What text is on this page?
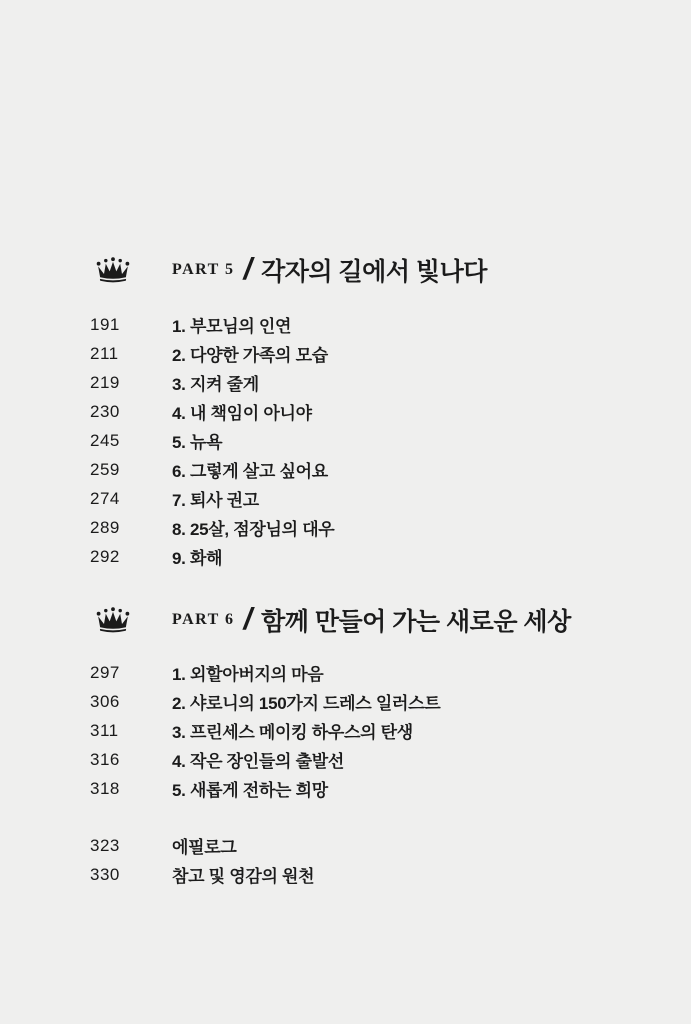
PART 5 / 각자의 길에서 빛나다
191	1. 부모님의 인연
211	2. 다양한 가족의 모습
219	3. 지켜 줄게
230	4. 내 책임이 아니야
245	5. 뉴욕
259	6. 그렇게 살고 싶어요
274	7. 퇴사 권고
289	8. 25살, 점장님의 대우
292	9. 화해
PART 6 / 함께 만들어 가는 새로운 세상
297	1. 외할아버지의 마음
306	2. 샤로니의 150가지 드레스 일러스트
311	3. 프린세스 메이킹 하우스의 탄생
316	4. 작은 장인들의 출발선
318	5. 새롭게 전하는 희망
323	에필로그
330	참고 및 영감의 원천
